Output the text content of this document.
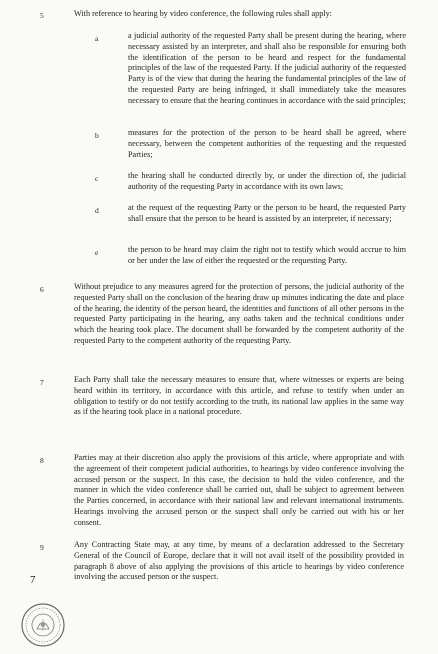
5	With reference to hearing by video conference, the following rules shall apply:
a	a judicial authority of the requested Party shall be present during the hearing, where necessary assisted by an interpreter, and shall also be responsible for ensuring both the identification of the person to be heard and respect for the fundamental principles of the law of the requested Party. If the judicial authority of the requested Party is of the view that during the hearing the fundamental principles of the law of the requested Party are being infringed, it shall immediately take the measures necessary to ensure that the hearing continues in accordance with the said principles;
b	measures for the protection of the person to be heard shall be agreed, where necessary, between the competent authorities of the requesting and the requested Parties;
c	the hearing shall be conducted directly by, or under the direction of, the judicial authority of the requesting Party in accordance with its own laws;
d	at the request of the requesting Party or the person to be heard, the requested Party shall ensure that the person to be heard is assisted by an interpreter, if necessary;
e	the person to be heard may claim the right not to testify which would accrue to him or her under the law of either the requested or the requesting Party.
6	Without prejudice to any measures agreed for the protection of persons, the judicial authority of the requested Party shall on the conclusion of the hearing draw up minutes indicating the date and place of the hearing, the identity of the person heard, the identities and functions of all other persons in the requested Party participating in the hearing, any oaths taken and the technical conditions under which the hearing took place. The document shall be forwarded by the competent authority of the requested Party to the competent authority of the requesting Party.
7	Each Party shall take the necessary measures to ensure that, where witnesses or experts are being heard within its territory, in accordance with this article, and refuse to testify when under an obligation to testify or do not testify according to the truth, its national law applies in the same way as if the hearing took place in a national procedure.
8	Parties may at their discretion also apply the provisions of this article, where appropriate and with the agreement of their competent judicial authorities, to hearings by video conference involving the accused person or the suspect. In this case, the decision to hold the video conference, and the manner in which the video conference shall be carried out, shall be subject to agreement between the Parties concerned, in accordance with their national law and relevant international instruments. Hearings involving the accused person or the suspect shall only be carried out with his or her consent.
9	Any Contracting State may, at any time, by means of a declaration addressed to the Secretary General of the Council of Europe, declare that it will not avail itself of the possibility provided in paragraph 8 above of also applying the provisions of this article to hearings by video conference involving the accused person or the suspect.
7
